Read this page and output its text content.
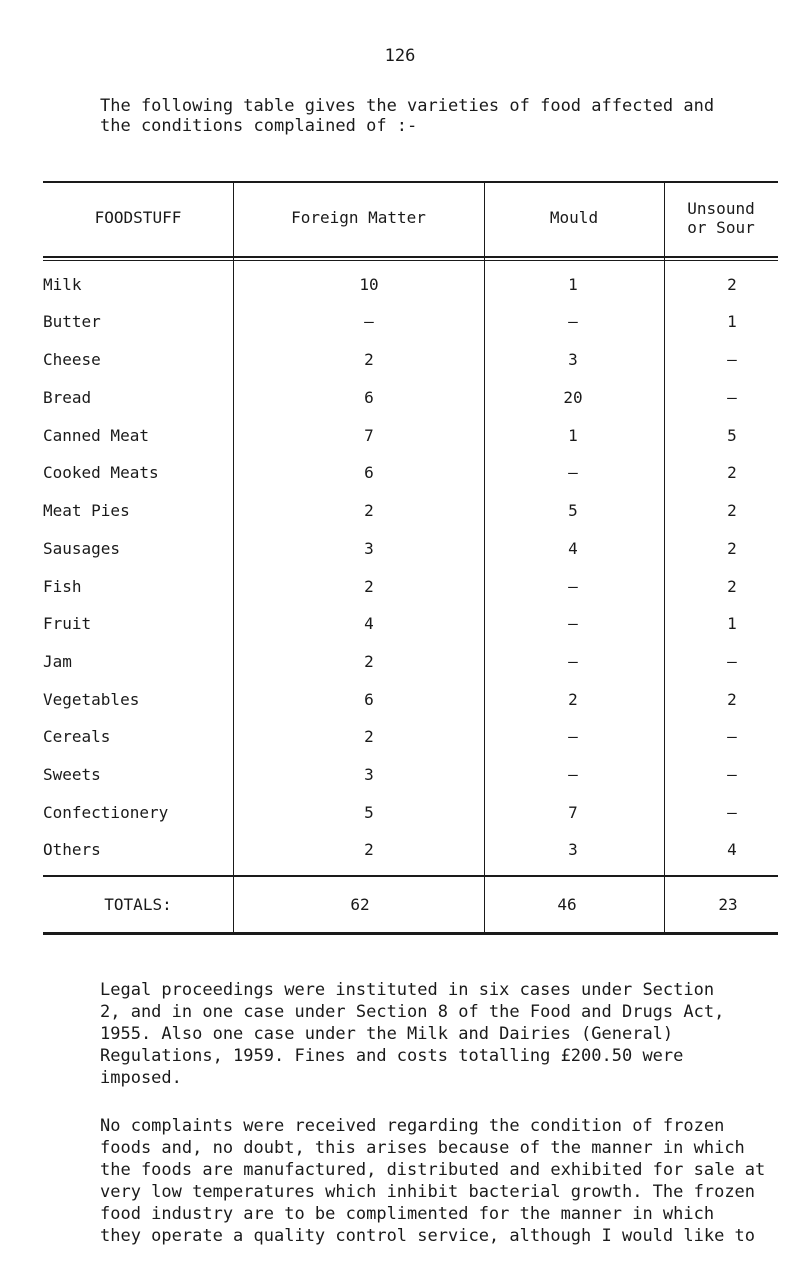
126
The following table gives the varieties of food affected and
the conditions complained of :-
FOODSTUFF	Foreign Matter	Mould	Unsound
or Sour
Milk	10	1	2
Butter	–	–	1
Cheese	2	3	–
Bread	6	20	–
Canned Meat	7	1	5
Cooked Meats	6	–	2
Meat Pies	2	5	2
Sausages	3	4	2
Fish	2	–	2
Fruit	4	–	1
Jam	2	–	–
Vegetables	6	2	2
Cereals	2	–	–
Sweets	3	–	–
Confectionery	5	7	–
Others	2	3	4
TOTALS:	62	46	23
Legal proceedings were instituted in six cases under Section
2, and in one case under Section 8 of the Food and Drugs Act,
1955. Also one case under the Milk and Dairies (General)
Regulations, 1959. Fines and costs totalling £200.50 were
imposed.
No complaints were received regarding the condition of frozen
foods and, no doubt, this arises because of the manner in which
the foods are manufactured, distributed and exhibited for sale at
very low temperatures which inhibit bacterial growth. The frozen
food industry are to be complimented for the manner in which
they operate a quality control service, although I would like to
